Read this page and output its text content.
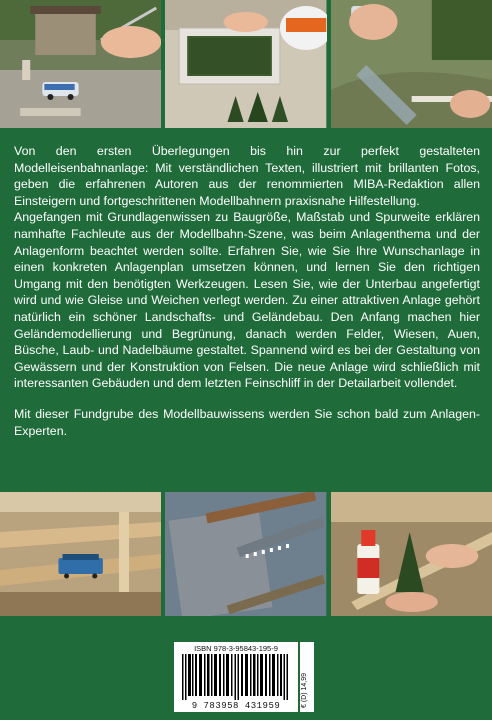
Von den ersten Überlegungen bis hin zur perfekt gestalteten Modelleisenbahnanlage: Mit verständlichen Texten, illustriert mit brillanten Fotos, geben die erfahrenen Autoren aus der renommierten MIBA-Redaktion allen Einsteigern und fortgeschrittenen Modellbahnern praxisnahe Hilfestellung.

Angefangen mit Grundlagenwissen zu Baugröße, Maßstab und Spurweite erklären namhafte Fachleute aus der Modellbahn-Szene, was beim Anlagenthema und der Anlagenform beachtet werden sollte. Erfahren Sie, wie Sie Ihre Wunschanlage in einen konkreten Anlagenplan umsetzen können, und lernen Sie den richtigen Umgang mit den benötigten Werkzeugen. Lesen Sie, wie der Unterbau angefertigt wird und wie Gleise und Weichen verlegt werden. Zu einer attraktiven Anlage gehört natürlich ein schöner Landschafts- und Geländebau. Den Anfang machen hier Geländemodellierung und Begrünung, danach werden Felder, Wiesen, Auen, Büsche, Laub- und Nadelbäume gestaltet. Spannend wird es bei der Gestaltung von Gewässern und der Konstruktion von Felsen. Die neue Anlage wird schließlich mit interessanten Gebäuden und dem letzten Feinschliff in der Detailarbeit vollendet.

Mit dieser Fundgrube des Modellbauwissens werden Sie schon bald zum Anlagen-Experten.

ISBN 978-3-95843-195-9
9 783958 431959	€ (D) 14,99
